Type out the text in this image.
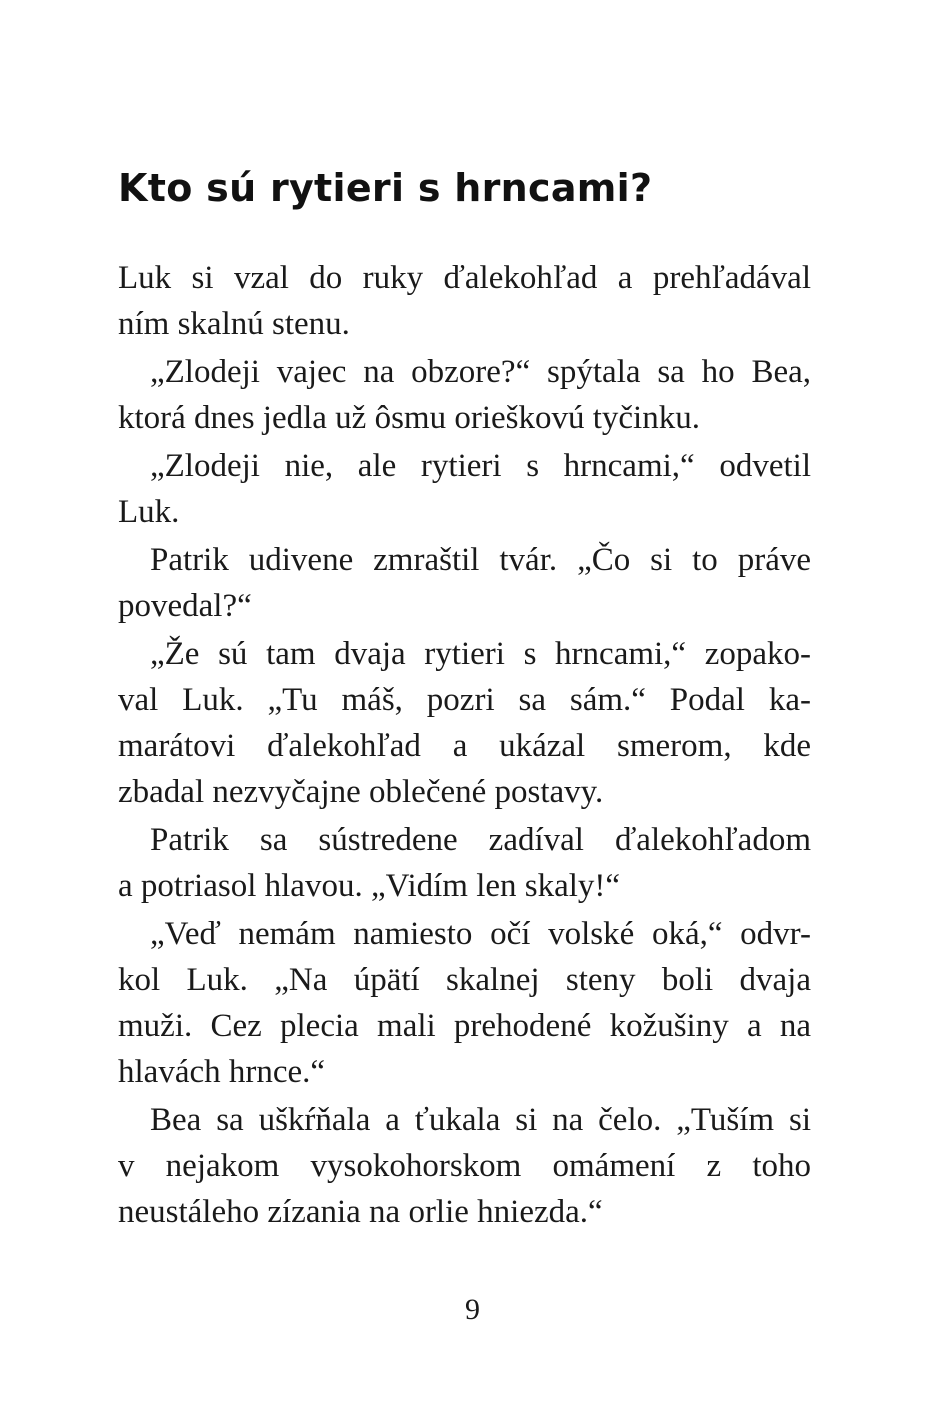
Kto sú rytieri s hrncami?

Luk si vzal do ruky ďalekohľad a prehľadával
ním skalnú stenu.

„Zlodeji vajec na obzore?“ spýtala sa ho Bea,
ktorá dnes jedla už ôsmu orieškovú tyčinku.

„Zlodeji nie, ale rytieri s hrncami,“ odvetil
Luk.

Patrik udivene zmraštil tvár. „Čo si to práve
povedal?“

„Že sú tam dvaja rytieri s hrncami,“ zopako-
val Luk. „Tu máš, pozri sa sám.“ Podal ka-
marátovi ďalekohľad a ukázal smerom, kde
zbadal nezvyčajne oblečené postavy.

Patrik sa sústredene zadíval ďalekohľadom
a potriasol hlavou. „Vidím len skaly!“

„Veď nemám namiesto očí volské oká,“ odvr-
kol Luk. „Na úpätí skalnej steny boli dvaja
muži. Cez plecia mali prehodené kožušiny a na
hlavách hrnce.“

Bea sa uškŕňala a ťukala si na čelo. „Tuším si
v nejakom vysokohorskom omámení z toho
neustáleho zízania na orlie hniezda.“

9
